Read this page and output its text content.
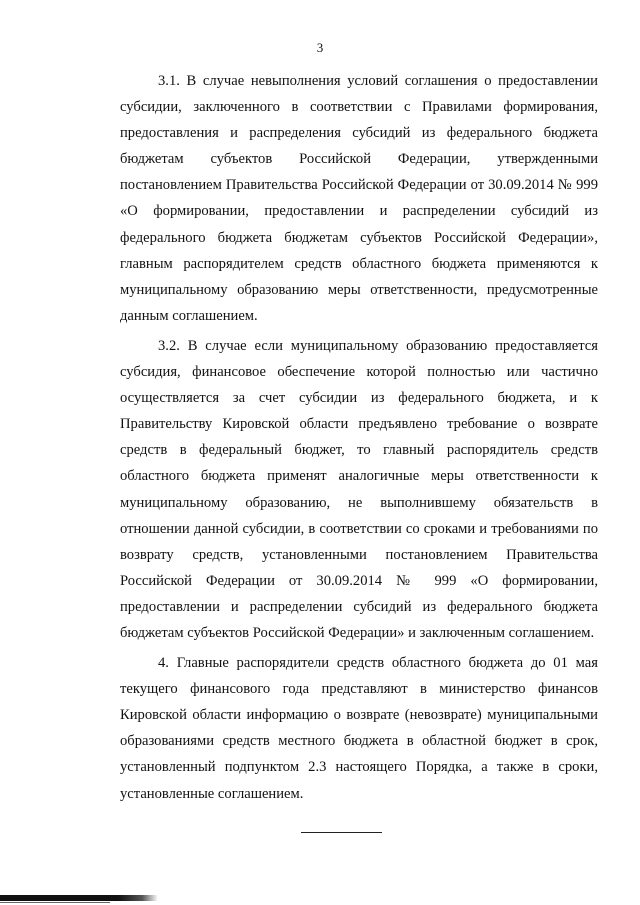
3

3.1. В случае невыполнения условий соглашения о предоставлении субсидии, заключенного в соответствии с Правилами формирования, предоставления и распределения субсидий из федерального бюджета бюджетам субъектов Российской Федерации, утвержденными постановлением Правительства Российской Федерации от 30.09.2014 № 999 «О формировании, предоставлении и распределении субсидий из федерального бюджета бюджетам субъектов Российской Федерации», главным распорядителем средств областного бюджета применяются к муниципальному образованию меры ответственности, предусмотренные данным соглашением.

3.2. В случае если муниципальному образованию предоставляется субсидия, финансовое обеспечение которой полностью или частично осуществляется за счет субсидии из федерального бюджета, и к Правительству Кировской области предъявлено требование о возврате средств в федеральный бюджет, то главный распорядитель средств областного бюджета применят аналогичные меры ответственности к муниципальному образованию, не выполнившему обязательств в отношении данной субсидии, в соответствии со сроками и требованиями по возврату средств, установленными постановлением Правительства Российской Федерации от 30.09.2014 № 999 «О формировании, предоставлении и распределении субсидий из федерального бюджета бюджетам субъектов Российской Федерации» и заключенным соглашением.

4. Главные распорядители средств областного бюджета до 01 мая текущего финансового года представляют в министерство финансов Кировской области информацию о возврате (невозврате) муниципальными образованиями средств местного бюджета в областной бюджет в срок, установленный подпунктом 2.3 настоящего Порядка, а также в сроки, установленные соглашением.
